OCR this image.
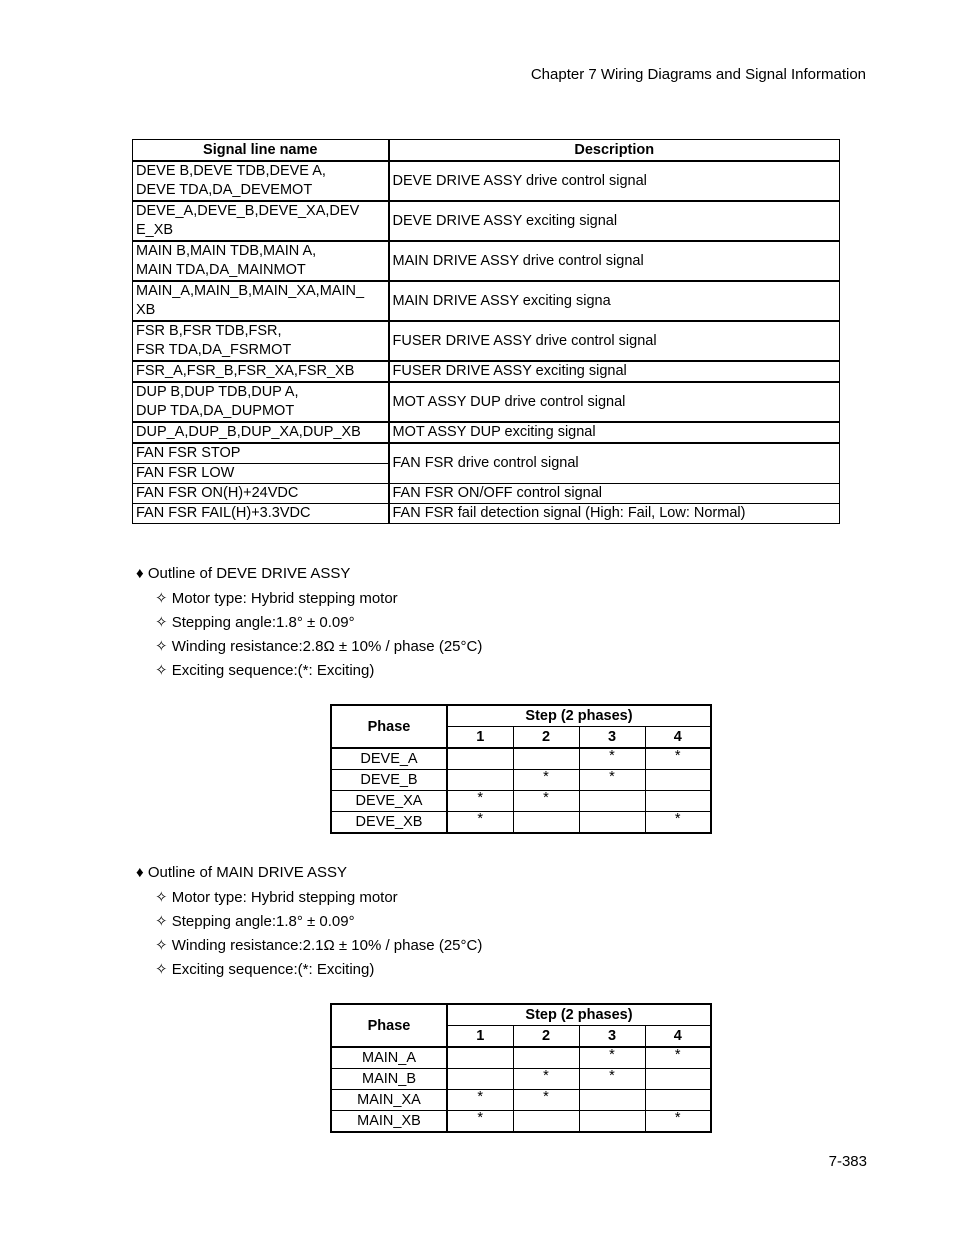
Chapter 7 Wiring Diagrams and Signal Information
Signal line name	Description
DEVE B,DEVE TDB,DEVE A,
DEVE TDA,DA_DEVEMOT	DEVE DRIVE ASSY drive control signal
DEVE_A,DEVE_B,DEVE_XA,DEV
E_XB	DEVE DRIVE ASSY exciting signal
MAIN B,MAIN TDB,MAIN A,
MAIN TDA,DA_MAINMOT	MAIN DRIVE ASSY drive control signal
MAIN_A,MAIN_B,MAIN_XA,MAIN_
XB	MAIN DRIVE ASSY exciting signa
FSR B,FSR TDB,FSR,
FSR TDA,DA_FSRMOT	FUSER DRIVE ASSY drive control signal
FSR_A,FSR_B,FSR_XA,FSR_XB	FUSER DRIVE ASSY exciting signal
DUP B,DUP TDB,DUP A,
DUP TDA,DA_DUPMOT	MOT ASSY DUP drive control signal
DUP_A,DUP_B,DUP_XA,DUP_XB	MOT ASSY DUP exciting signal
FAN FSR STOP	FAN FSR drive control signal
FAN FSR LOW	
FAN FSR ON(H)+24VDC	FAN FSR ON/OFF control signal
FAN FSR FAIL(H)+3.3VDC	FAN FSR fail detection signal (High: Fail, Low: Normal)
♦ Outline of DEVE DRIVE ASSY
✧ Motor type: Hybrid stepping motor
✧ Stepping angle:1.8° ± 0.09°
✧ Winding resistance:2.8Ω ± 10% / phase (25°C)
✧ Exciting sequence:(*: Exciting)
Phase	Step (2 phases)			
	1	2	3	4
DEVE_A			*	*
DEVE_B		*	*	
DEVE_XA	*	*		
DEVE_XB	*			*
♦ Outline of MAIN DRIVE ASSY
✧ Motor type: Hybrid stepping motor
✧ Stepping angle:1.8° ± 0.09°
✧ Winding resistance:2.1Ω ± 10% / phase (25°C)
✧ Exciting sequence:(*: Exciting)
Phase	Step (2 phases)			
	1	2	3	4
MAIN_A			*	*
MAIN_B		*	*	
MAIN_XA	*	*		
MAIN_XB	*			*
7-383
